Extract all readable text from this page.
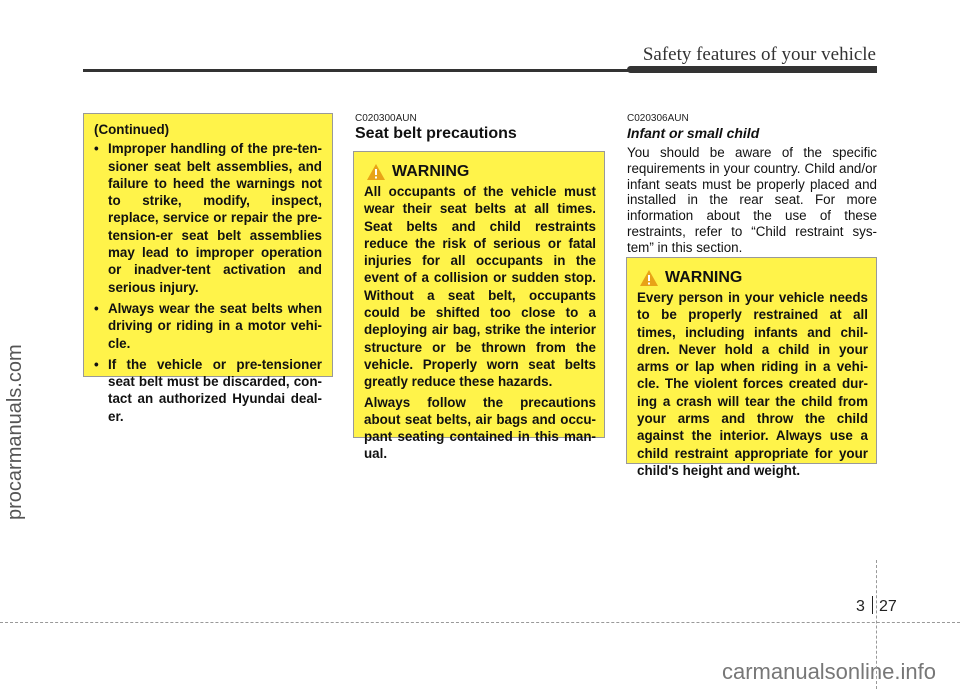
Safety features of your vehicle
procarmanuals.com
carmanualsonline.info
(Continued)
• Improper handling of the pre-ten-sioner seat belt assemblies, and failure to heed the warnings not to strike, modify, inspect, replace, service or repair the pre-tension-er seat belt assemblies may lead to improper operation or inadver-tent activation and serious injury.
• Always wear the seat belts when driving or riding in a motor vehi-cle.
• If the vehicle or pre-tensioner seat belt must be discarded, con-tact an authorized Hyundai deal-er.
C020300AUN
Seat belt precautions
WARNING

All occupants of the vehicle must wear their seat belts at all times. Seat belts and child restraints reduce the risk of serious or fatal injuries for all occupants in the event of a collision or sudden stop. Without a seat belt, occupants could be shifted too close to a deploying air bag, strike the interior structure or be thrown from the vehicle. Properly worn seat belts greatly reduce these hazards.

Always follow the precautions about seat belts, air bags and occu-pant seating contained in this man-ual.

C020306AUN
Infant or small child

You should be aware of the specific requirements in your country. Child and/or infant seats must be properly placed and installed in the rear seat. For more information about the use of these restraints, refer to “Child restraint sys-tem” in this section.

WARNING

Every person in your vehicle needs to be properly restrained at all times, including infants and chil-dren. Never hold a child in your arms or lap when riding in a vehi-cle. The violent forces created dur-ing a crash will tear the child from your arms and throw the child against the interior. Always use a child restraint appropriate for your child's height and weight.

3 27
